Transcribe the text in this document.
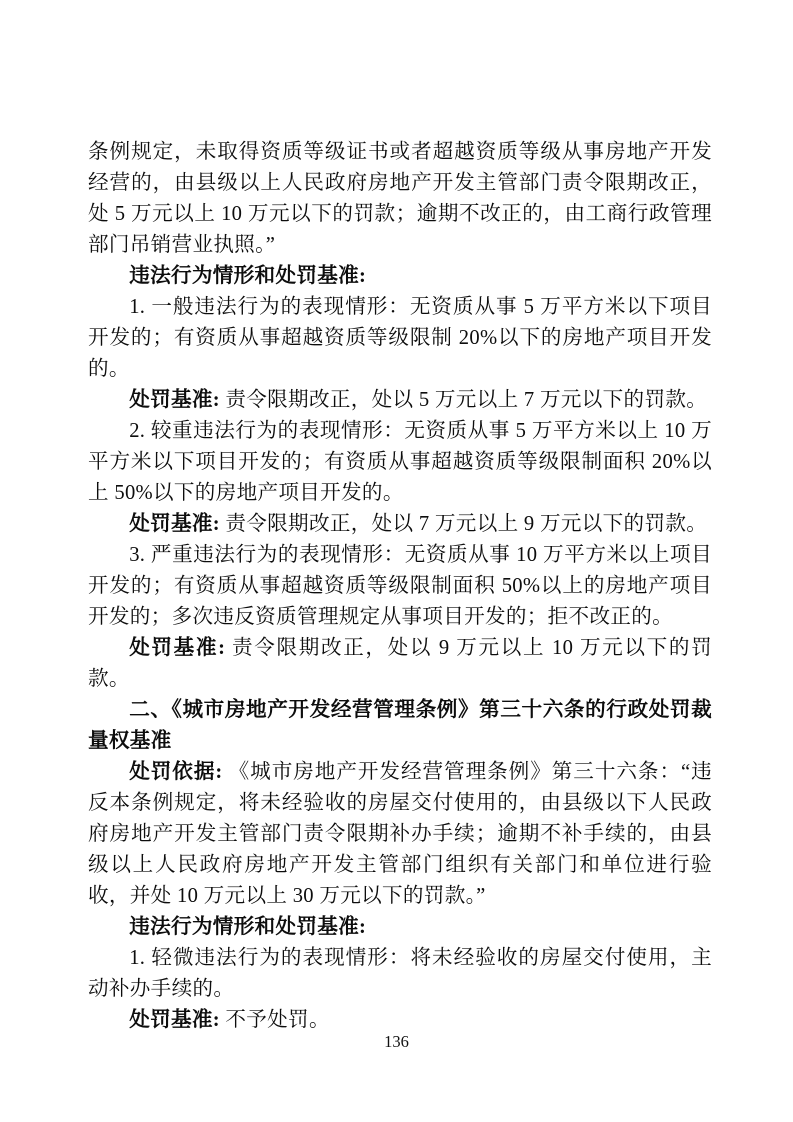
条例规定，未取得资质等级证书或者超越资质等级从事房地产开发经营的，由县级以上人民政府房地产开发主管部门责令限期改正，处 5 万元以上 10 万元以下的罚款；逾期不改正的，由工商行政管理部门吊销营业执照。”

违法行为情形和处罚基准:

1. 一般违法行为的表现情形：无资质从事 5 万平方米以下项目开发的；有资质从事超越资质等级限制 20%以下的房地产项目开发的。

处罚基准: 责令限期改正，处以 5 万元以上 7 万元以下的罚款。

2. 较重违法行为的表现情形：无资质从事 5 万平方米以上 10 万平方米以下项目开发的；有资质从事超越资质等级限制面积 20%以上 50%以下的房地产项目开发的。

处罚基准: 责令限期改正，处以 7 万元以上 9 万元以下的罚款。

3. 严重违法行为的表现情形：无资质从事 10 万平方米以上项目开发的；有资质从事超越资质等级限制面积 50%以上的房地产项目开发的；多次违反资质管理规定从事项目开发的；拒不改正的。

处罚基准: 责令限期改正，处以 9 万元以上 10 万元以下的罚款。

二、《城市房地产开发经营管理条例》第三十六条的行政处罚裁量权基准

处罚依据: 《城市房地产开发经营管理条例》第三十六条：“违反本条例规定，将未经验收的房屋交付使用的，由县级以下人民政府房地产开发主管部门责令限期补办手续；逾期不补手续的，由县级以上人民政府房地产开发主管部门组织有关部门和单位进行验收，并处 10 万元以上 30 万元以下的罚款。”

违法行为情形和处罚基准:

1. 轻微违法行为的表现情形：将未经验收的房屋交付使用，主动补办手续的。

处罚基准: 不予处罚。

136
